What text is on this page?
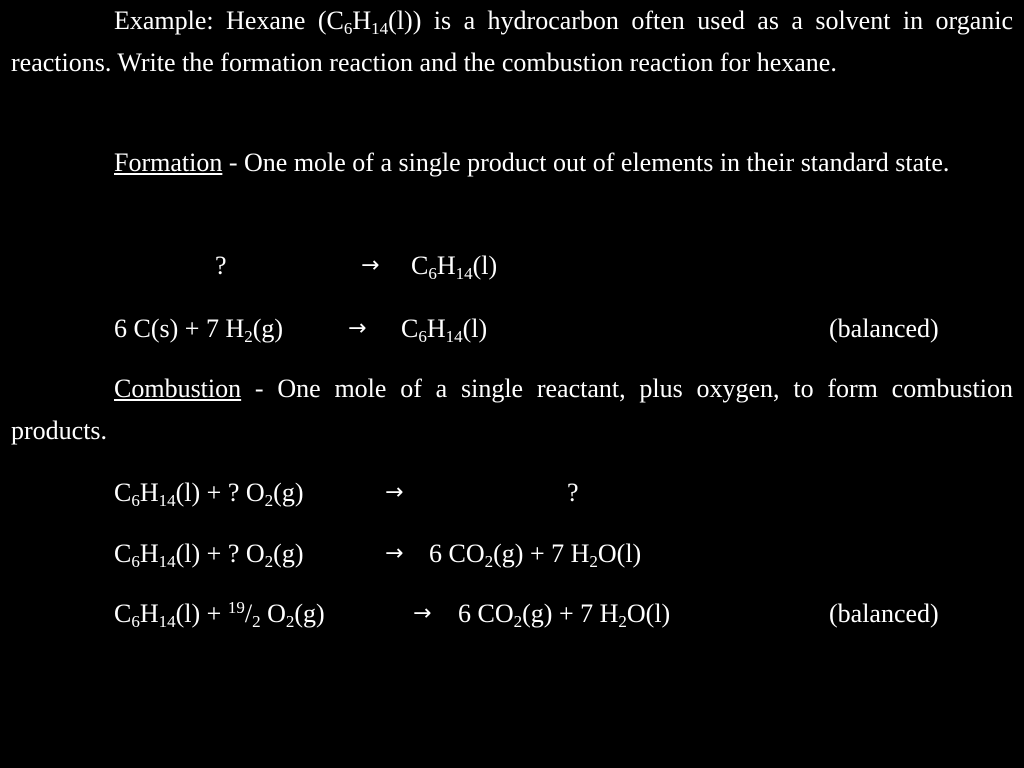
Example: Hexane $(C_6H_{14}(l))$ is a hydrocarbon often used as a solvent in organic reactions. Write the formation reaction and the combustion reaction for hexane.

Formation - One mole of a single product out of elements in their standard state.

?	→ $C_6H_{14}(l)$
6 C(s) + 7 $H_2(g)$	→ $C_6H_{14}(l)$	(balanced)

Combustion - One mole of a single reactant, plus oxygen, to form combustion products.

$C_6H_{14}(l)$ + ? $O_2(g)$	→	?
$C_6H_{14}(l)$ + ? $O_2(g)$	→ 6 $CO_2(g) + 7$ $H_2O(l)$
$C_6H_{14}(l) + ^{19}/_2$ $O_2(g)$	→ 6 $CO_2(g) + 7$ $H_2O(l)$	(balanced)
